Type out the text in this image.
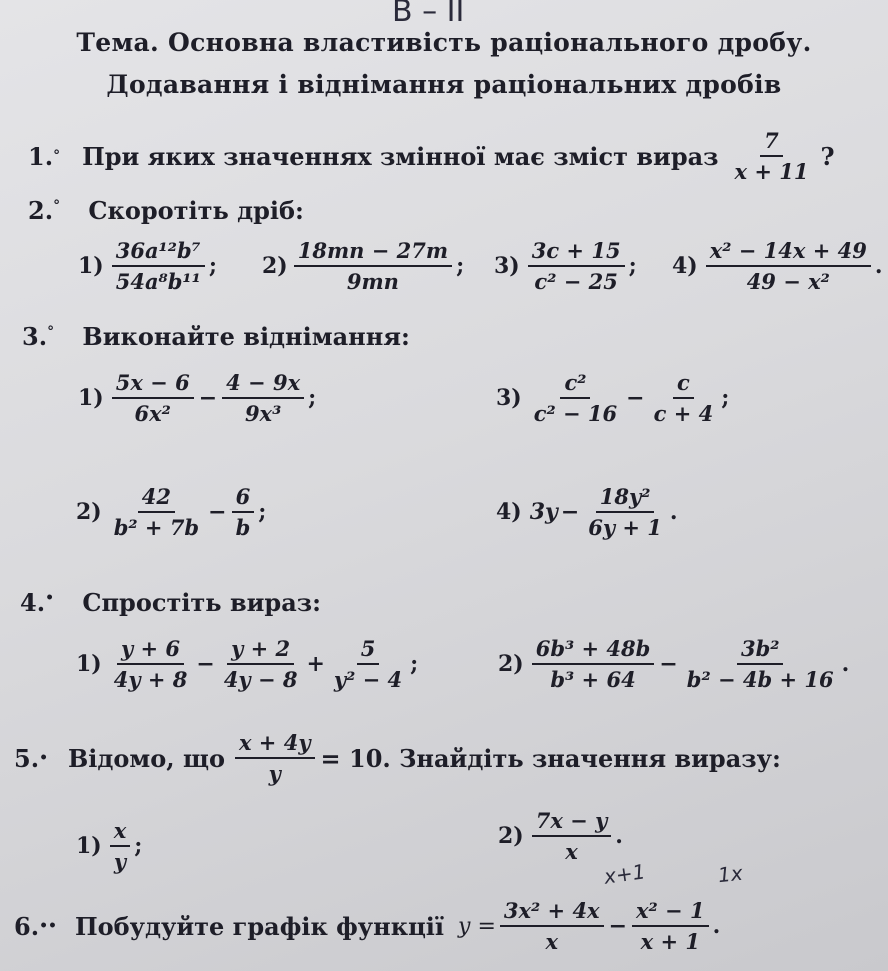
В – II
Тема. Основна властивість раціонального дробу.
Додавання і віднімання раціональних дробів
1. ° При яких значеннях змінної має зміст вираз $\frac{7}{x + 11}$ ?
2.° Скоротіть дріб:
$1) \frac{\text{36a¹²b⁷}}{\text{54a⁸b¹¹}}$ ; $2) \frac{18mn - 27m}{9mn}$ ; $3) \frac{3c + 15}{\text{c² − 25}}$ ; $4) \frac{\text{x² − 14x + 49}}{\text{49 − x²}}$ .
3.° Виконайте віднімання:
$1) \frac{5x - 6}{\text{6x²}} - \frac{4 - 9x}{\text{9x³}}$ ;	$3) \frac{\text{c²}}{\text{c² − 16}} - \frac{c}{c + 4}$ ;
$2) \frac{42}{\text{b² + 7b}} - \frac{6}{b}$ ;	4) $3y - \frac{\text{18y²}}{6y + 1}$ .
4.• Спростіть вираз:
$1) \frac{y + 6}{4y + 8} - \frac{y + 2}{4y - 8} + \frac{5}{\text{y² − 4}}$ ;	$2) \frac{\text{6b³ + 48b}}{\text{b³ + 64}} - \frac{\text{3b²}}{\text{b² − 4b + 16}}$ .
5. • Відомо, що $\frac{x + 4y}{y} = 10$. Знайдіть значення виразу:
$1) \frac{x}{y}$ ;	$2) \frac{7x - y}{x}$ .
x+1	1x
6. •• Побудуйте графік функції $y = \frac{\text{3x² + 4x}}{x} - \frac{\text{x² − 1}}{x + 1}$ .
